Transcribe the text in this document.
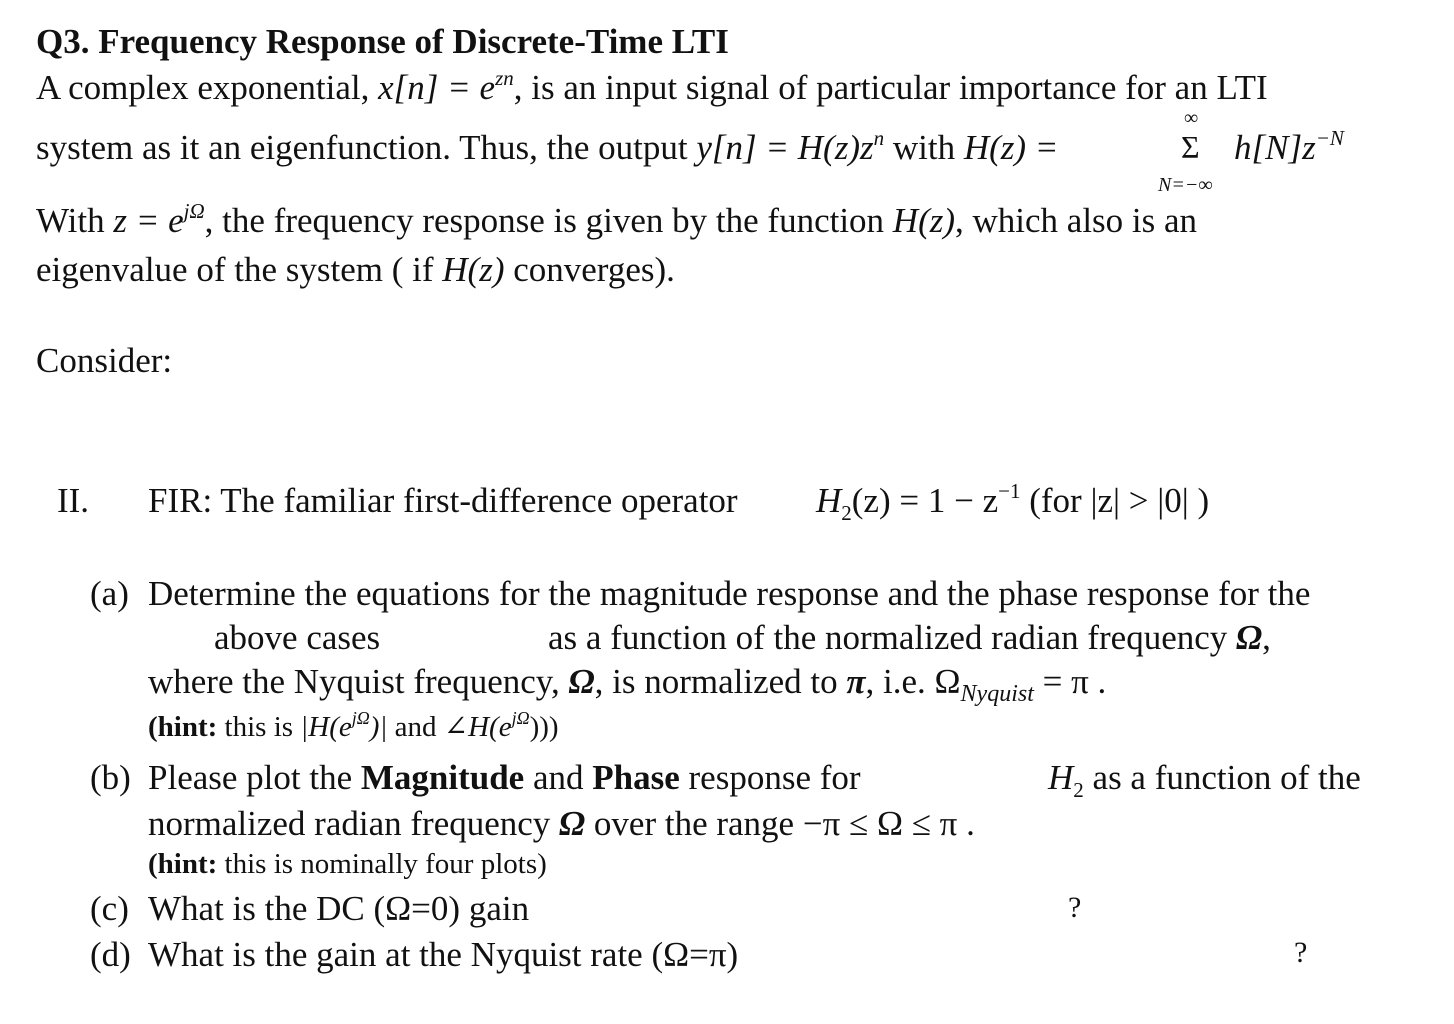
Q3. Frequency Response of Discrete-Time LTI
A complex exponential, $x[n] = e^{zn}$, is an input signal of particular importance for an LTI
system as it an eigenfunction. Thus, the output $y[n] = H(z)z^n$ with H(z) =
∞
Σ
N=−∞
$h[N]z^{-N}$
With $z = e^{j\Omega}$, the frequency response is given by the function H(z), which also is an
eigenvalue of the system ( if H(z) converges).
Consider:
II. FIR: The familiar first-difference operator $H_2(z) = 1 - z^{-1}$ (for |z| > |0| )
(a) Determine the equations for the magnitude response and the phase response for the
above cases	as a function of the normalized radian frequency Ω,
where the Nyquist frequency, Ω, is normalized to π, i.e. $\Omega_{Nyquist} = \pi$ .
(hint: this is $|H(e^{j\Omega})|$ and $\angle H(e^{j\Omega})$))
(b) Please plot the Magnitude and Phase response for	$H_2$ as a function of the
normalized radian frequency Ω over the range −π ≤ Ω ≤ π .
(hint: this is nominally four plots)
(c) What is the DC (Ω=0) gain	?
(d) What is the gain at the Nyquist rate (Ω=π)	?
